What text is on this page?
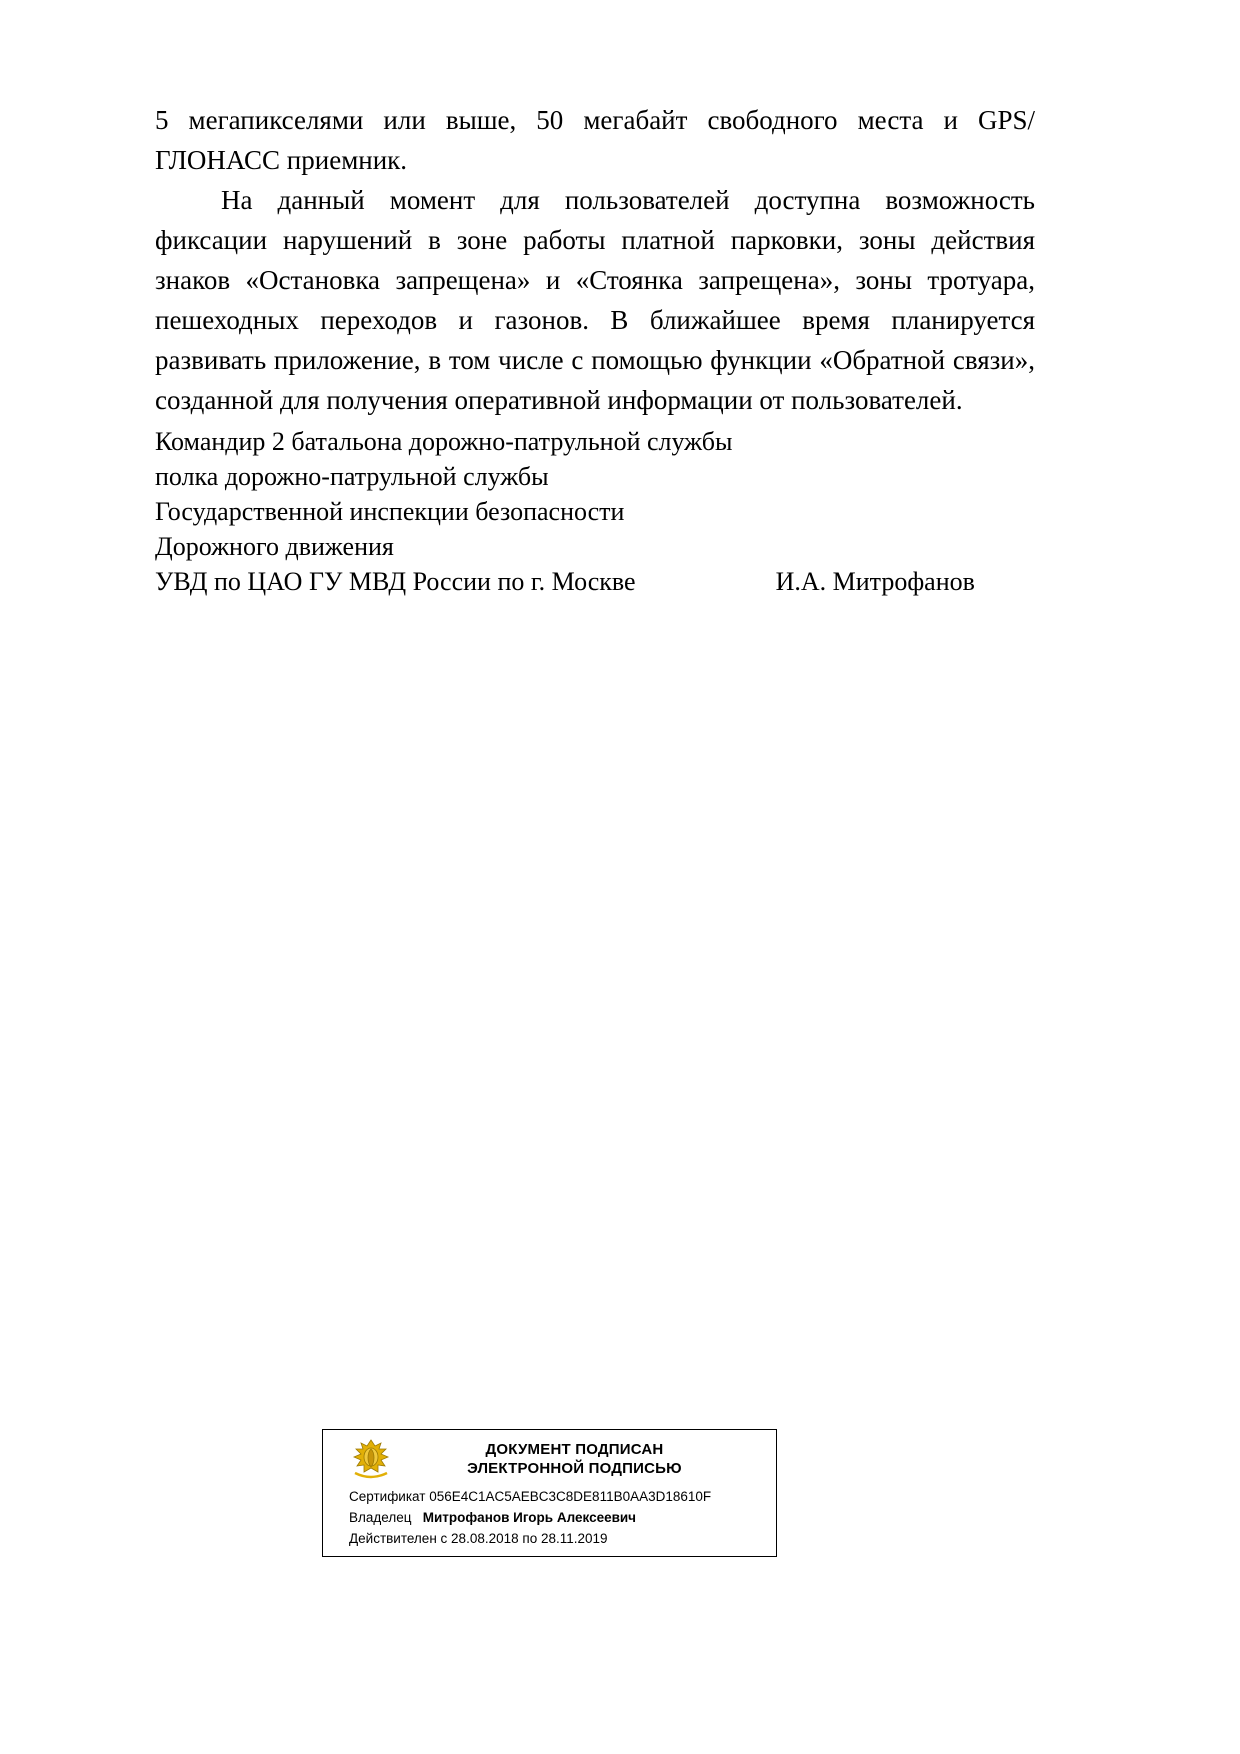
5 мегапикселями или выше, 50 мегабайт свободного места и GPS/ГЛОНАСС приемник.

На данный момент для пользователей доступна возможность фиксации нарушений в зоне работы платной парковки, зоны действия знаков «Остановка запрещена» и «Стоянка запрещена», зоны тротуара, пешеходных переходов и газонов. В ближайшее время планируется развивать приложение, в том числе с помощью функции «Обратной связи», созданной для получения оперативной информации от пользователей.

Командир 2 батальона дорожно-патрульной службы
полка дорожно-патрульной службы
Государственной инспекции безопасности
Дорожного движения
УВД по ЦАО ГУ МВД России по г. Москве	И.А. Митрофанов
ДОКУМЕНТ ПОДПИСАН
ЭЛЕКТРОННОЙ ПОДПИСЬЮ
Сертификат 056E4C1AC5AEBC3C8DE811B0AA3D18610F
Владелец Митрофанов Игорь Алексеевич
Действителен с 28.08.2018 по 28.11.2019
